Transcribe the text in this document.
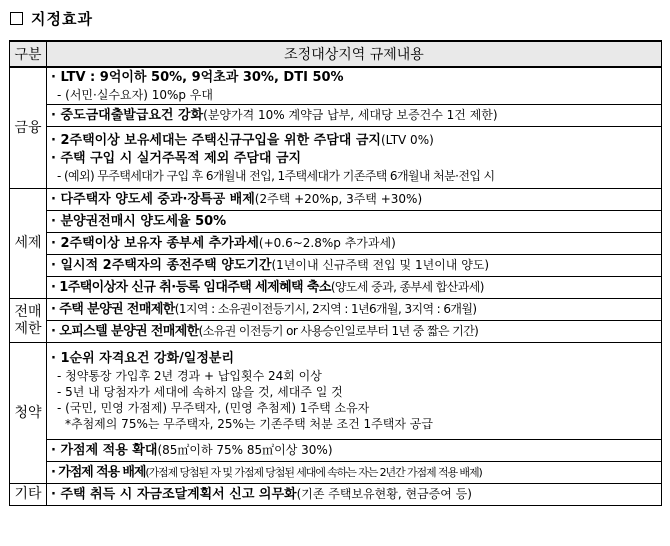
지정효과
구분	조정대상지역 규제내용
금융	· LTV : 9억이하 50%, 9억초과 30%, DTI 50%
- (서민·실수요자) 10%p 우대

	· 중도금대출발급요건 강화(분양가격 10% 계약금 납부, 세대당 보증건수 1건 제한)

	· 2주택이상 보유세대는 주택신규구입을 위한 주담대 금지(LTV 0%)
· 주택 구입 시 실거주목적 제외 주담대 금지
- (예외) 무주택세대가 구입 후 6개월내 전입, 1주택세대가 기존주택 6개월내 처분·전입 시

세제	· 다주택자 양도세 중과·장특공 배제(2주택 +20%p, 3주택 +30%)

	· 분양권전매시 양도세율 50%

	· 2주택이상 보유자 종부세 추가과세(+0.6~2.8%p 추가과세)

	· 일시적 2주택자의 종전주택 양도기간(1년이내 신규주택 전입 및 1년이내 양도)

	· 1주택이상자 신규 취·등록 임대주택 세제혜택 축소(양도세 중과, 종부세 합산과세)

전매
제한	· 주택 분양권 전매제한(1지역 : 소유권이전등기시, 2지역 : 1년6개월, 3지역 : 6개월)

	· 오피스텔 분양권 전매제한(소유권 이전등기 or 사용승인일로부터 1년 중 짧은 기간)

청약	· 1순위 자격요건 강화/일정분리
- 청약통장 가입후 2년 경과 + 납입횟수 24회 이상
- 5년 내 당첨자가 세대에 속하지 않을 것, 세대주 일 것
- (국민, 민영 가점제) 무주택자, (민영 추첨제) 1주택 소유자
*추첨제의 75%는 무주택자, 25%는 기존주택 처분 조건 1주택자 공급

	· 가점제 적용 확대(85㎡이하 75% 85㎡이상 30%)

	· 가점제 적용 배제(가점제 당첨된 자 및 가점제 당첨된 세대에 속하는 자는 2년간 가점제 적용 배제)

기타	· 주택 취득 시 자금조달계획서 신고 의무화(기존 주택보유현황, 현금증여 등)
